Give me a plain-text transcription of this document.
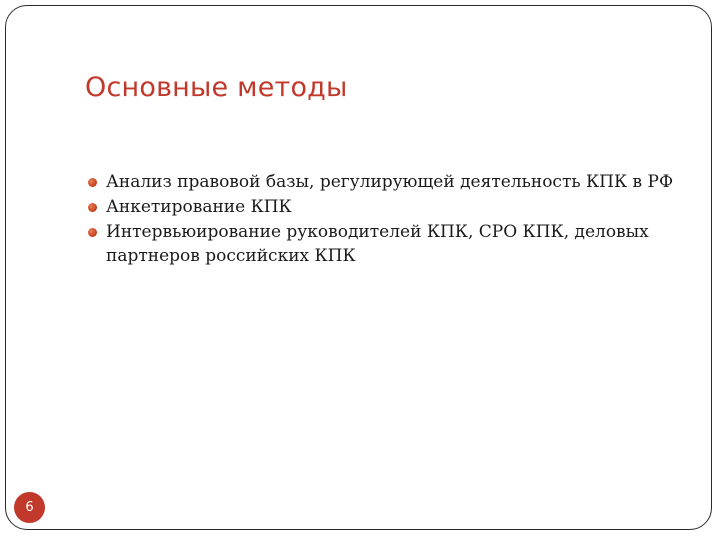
Основные методы
Анализ правовой базы, регулирующей деятельность КПК в РФ
Анкетирование КПК
Интервьюирование руководителей КПК, СРО КПК, деловых партнеров российских КПК
6
